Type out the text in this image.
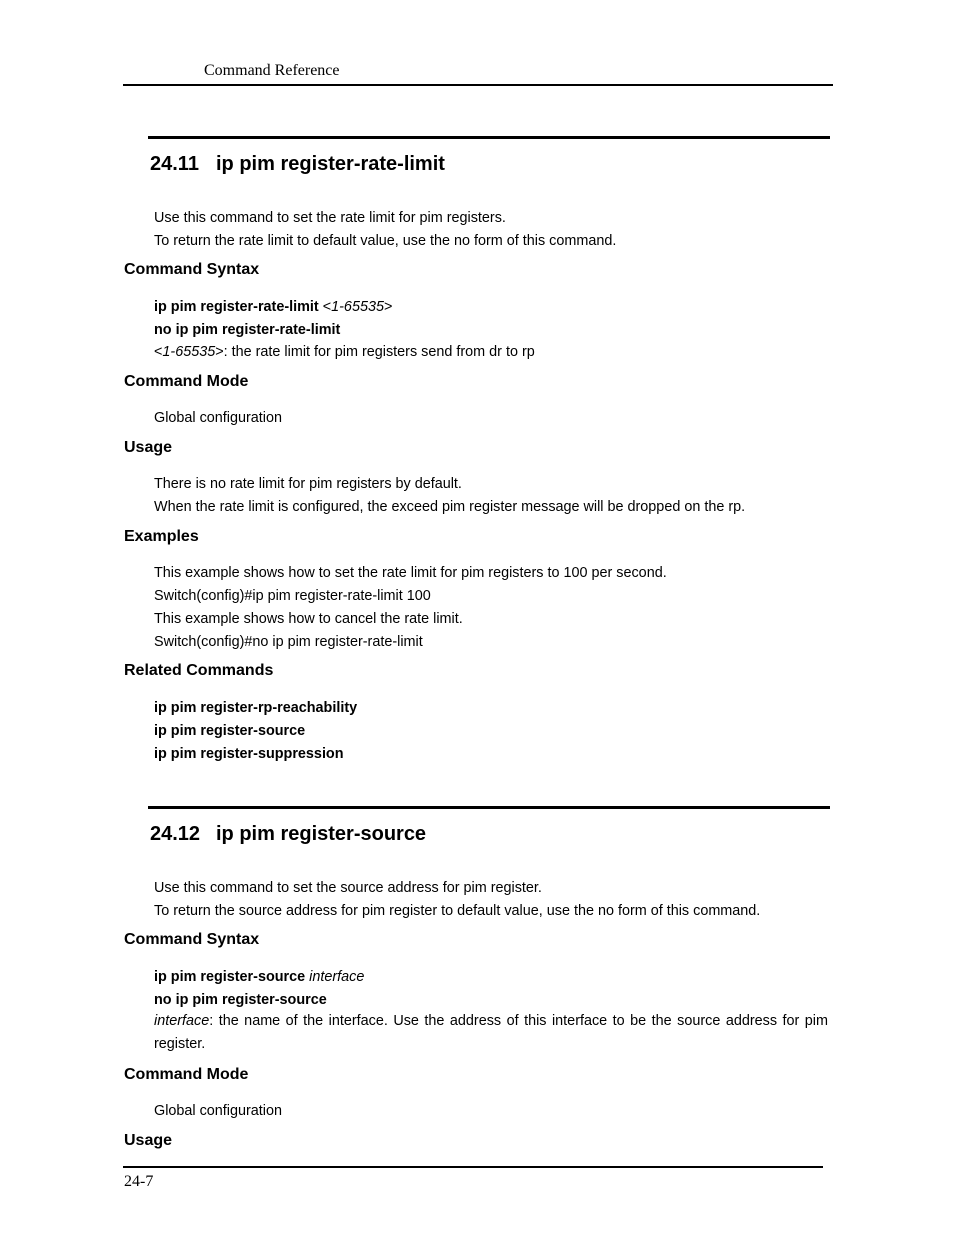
Command Reference
24.11 ip pim register-rate-limit
Use this command to set the rate limit for pim registers.
To return the rate limit to default value, use the no form of this command.
Command Syntax
ip pim register-rate-limit <1-65535>
no ip pim register-rate-limit
<1-65535>: the rate limit for pim registers send from dr to rp
Command Mode
Global configuration
Usage
There is no rate limit for pim registers by default.
When the rate limit is configured, the exceed pim register message will be dropped on the rp.
Examples
This example shows how to set the rate limit for pim registers to 100 per second.
Switch(config)#ip pim register-rate-limit 100
This example shows how to cancel the rate limit.
Switch(config)#no ip pim register-rate-limit
Related Commands
ip pim register-rp-reachability
ip pim register-source
ip pim register-suppression
24.12 ip pim register-source
Use this command to set the source address for pim register.
To return the source address for pim register to default value, use the no form of this command.
Command Syntax
ip pim register-source interface
no ip pim register-source
interface: the name of the interface. Use the address of this interface to be the source address for pim register.
Command Mode
Global configuration
Usage
24-7
